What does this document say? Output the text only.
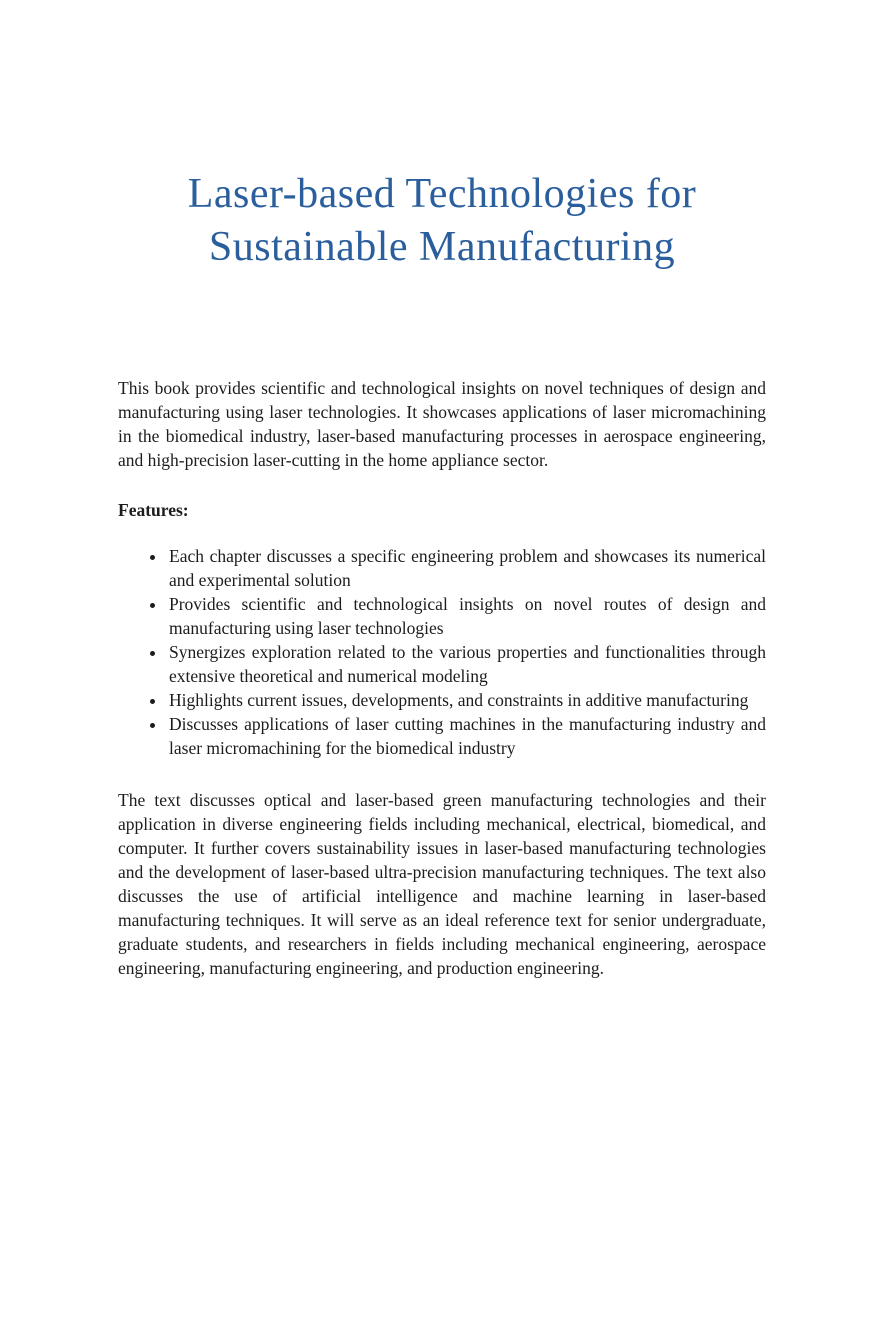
Laser-based Technologies for
Sustainable Manufacturing

This book provides scientific and technological insights on novel techniques of design and manufacturing using laser technologies. It showcases applications of laser micromachining in the biomedical industry, laser-based manufacturing processes in aerospace engineering, and high-precision laser-cutting in the home appliance sector.

Features:

• Each chapter discusses a specific engineering problem and showcases its numerical and experimental solution
• Provides scientific and technological insights on novel routes of design and manufacturing using laser technologies
• Synergizes exploration related to the various properties and functionalities through extensive theoretical and numerical modeling
• Highlights current issues, developments, and constraints in additive manufacturing
• Discusses applications of laser cutting machines in the manufacturing industry and laser micromachining for the biomedical industry

The text discusses optical and laser-based green manufacturing technologies and their application in diverse engineering fields including mechanical, electrical, biomedical, and computer. It further covers sustainability issues in laser-based manufacturing technologies and the development of laser-based ultra-precision manufacturing techniques. The text also discusses the use of artificial intelligence and machine learning in laser-based manufacturing techniques. It will serve as an ideal reference text for senior undergraduate, graduate students, and researchers in fields including mechanical engineering, aerospace engineering, manufacturing engineering, and production engineering.
